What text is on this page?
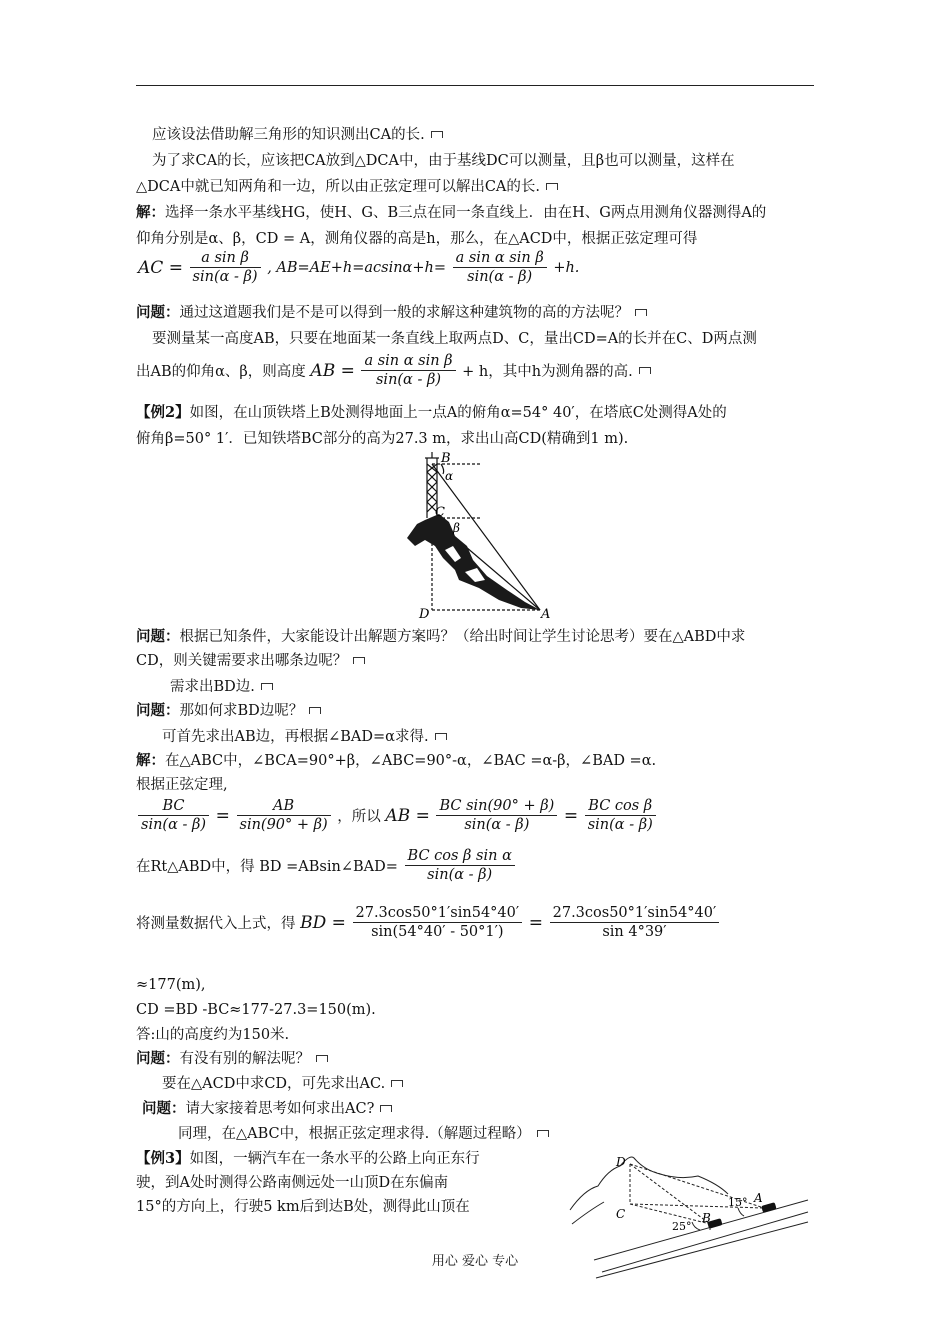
应该设法借助解三角形的知识测出CA的长.
为了求CA的长，应该把CA放到△DCA中，由于基线DC可以测量，且β也可以测量，这样在
△DCA中就已知两角和一边，所以由正弦定理可以解出CA的长.
解：选择一条水平基线HG，使H、G、B三点在同一条直线上．由在H、G两点用测角仪器测得A的
仰角分别是α、β，CD = A，测角仪器的高是h，那么，在△ACD中，根据正弦定理可得
AC = $\frac{\text{a sin β}}{\sin(\alpha - \beta)}$ , $AB=AE+h=acsin\alpha+h= \frac{\text{a sin α sin β}}{\sin(\alpha - \beta)} +h$.
问题：通过这道题我们是不是可以得到一般的求解这种建筑物的高的方法呢？
要测量某一高度AB，只要在地面某一条直线上取两点D、C，量出CD=A的长并在C、D两点测
出AB的仰角α、β，则高度 AB = $\frac{\text{a sin α sin β}}{\sin(\alpha - \beta)} + h$，其中h为测角器的高.
【例2】如图，在山顶铁塔上B处测得地面上一点A的俯角α=54° 40′，在塔底C处测得A处的
俯角β=50° 1′．已知铁塔BC部分的高为27.3 m，求出山高CD(精确到1 m).
B
α
C
β
D	A
问题：根据已知条件，大家能设计出解题方案吗？（给出时间让学生讨论思考）要在△ABD中求
CD，则关键需要求出哪条边呢？
需求出BD边.
问题：那如何求BD边呢？
可首先求出AB边，再根据∠BAD=α求得.
解：在△ABC中，∠BCA=90°+β，∠ABC=90°-α，∠BAC =α-β，∠BAD =α.
根据正弦定理,
$\frac{BC}{\sin(\alpha - \beta)} = \frac{AB}{\sin(90^\circ + \beta)}$ ，所以 AB = $\frac{\text{BC sin(90° + β)}}{\sin(\alpha - \beta)} = \frac{\text{BC cos β}}{\sin(\alpha - \beta)}$
在Rt△ABD中，得 BD =ABsin∠BAD= $\frac{\text{BC cos β sin α}}{\sin(\alpha - \beta)}$
将测量数据代入上式，得 BD = $\frac{27.3\cos 50^\circ 1'\sin 54^\circ 40'}{\sin(54^\circ 40' - 50^\circ 1')} = \frac{27.3\cos 50^\circ 1'\sin 54^\circ 40'}{\sin 4^\circ 39'}$
≈177(m),
CD =BD -BC≈177-27.3=150(m).
答:山的高度约为150米.
问题：有没有别的解法呢？
要在△ACD中求CD，可先求出AC.
问题：请大家接着思考如何求出AC?
同理，在△ABC中，根据正弦定理求得.（解题过程略）
【例3】如图，一辆汽车在一条水平的公路上向正东行
驶，到A处时测得公路南侧远处一山顶D在东偏南
15°的方向上，行驶5 km后到达B处，测得此山顶在
D
C
A
B
15°
25°
用心 爱心 专心
